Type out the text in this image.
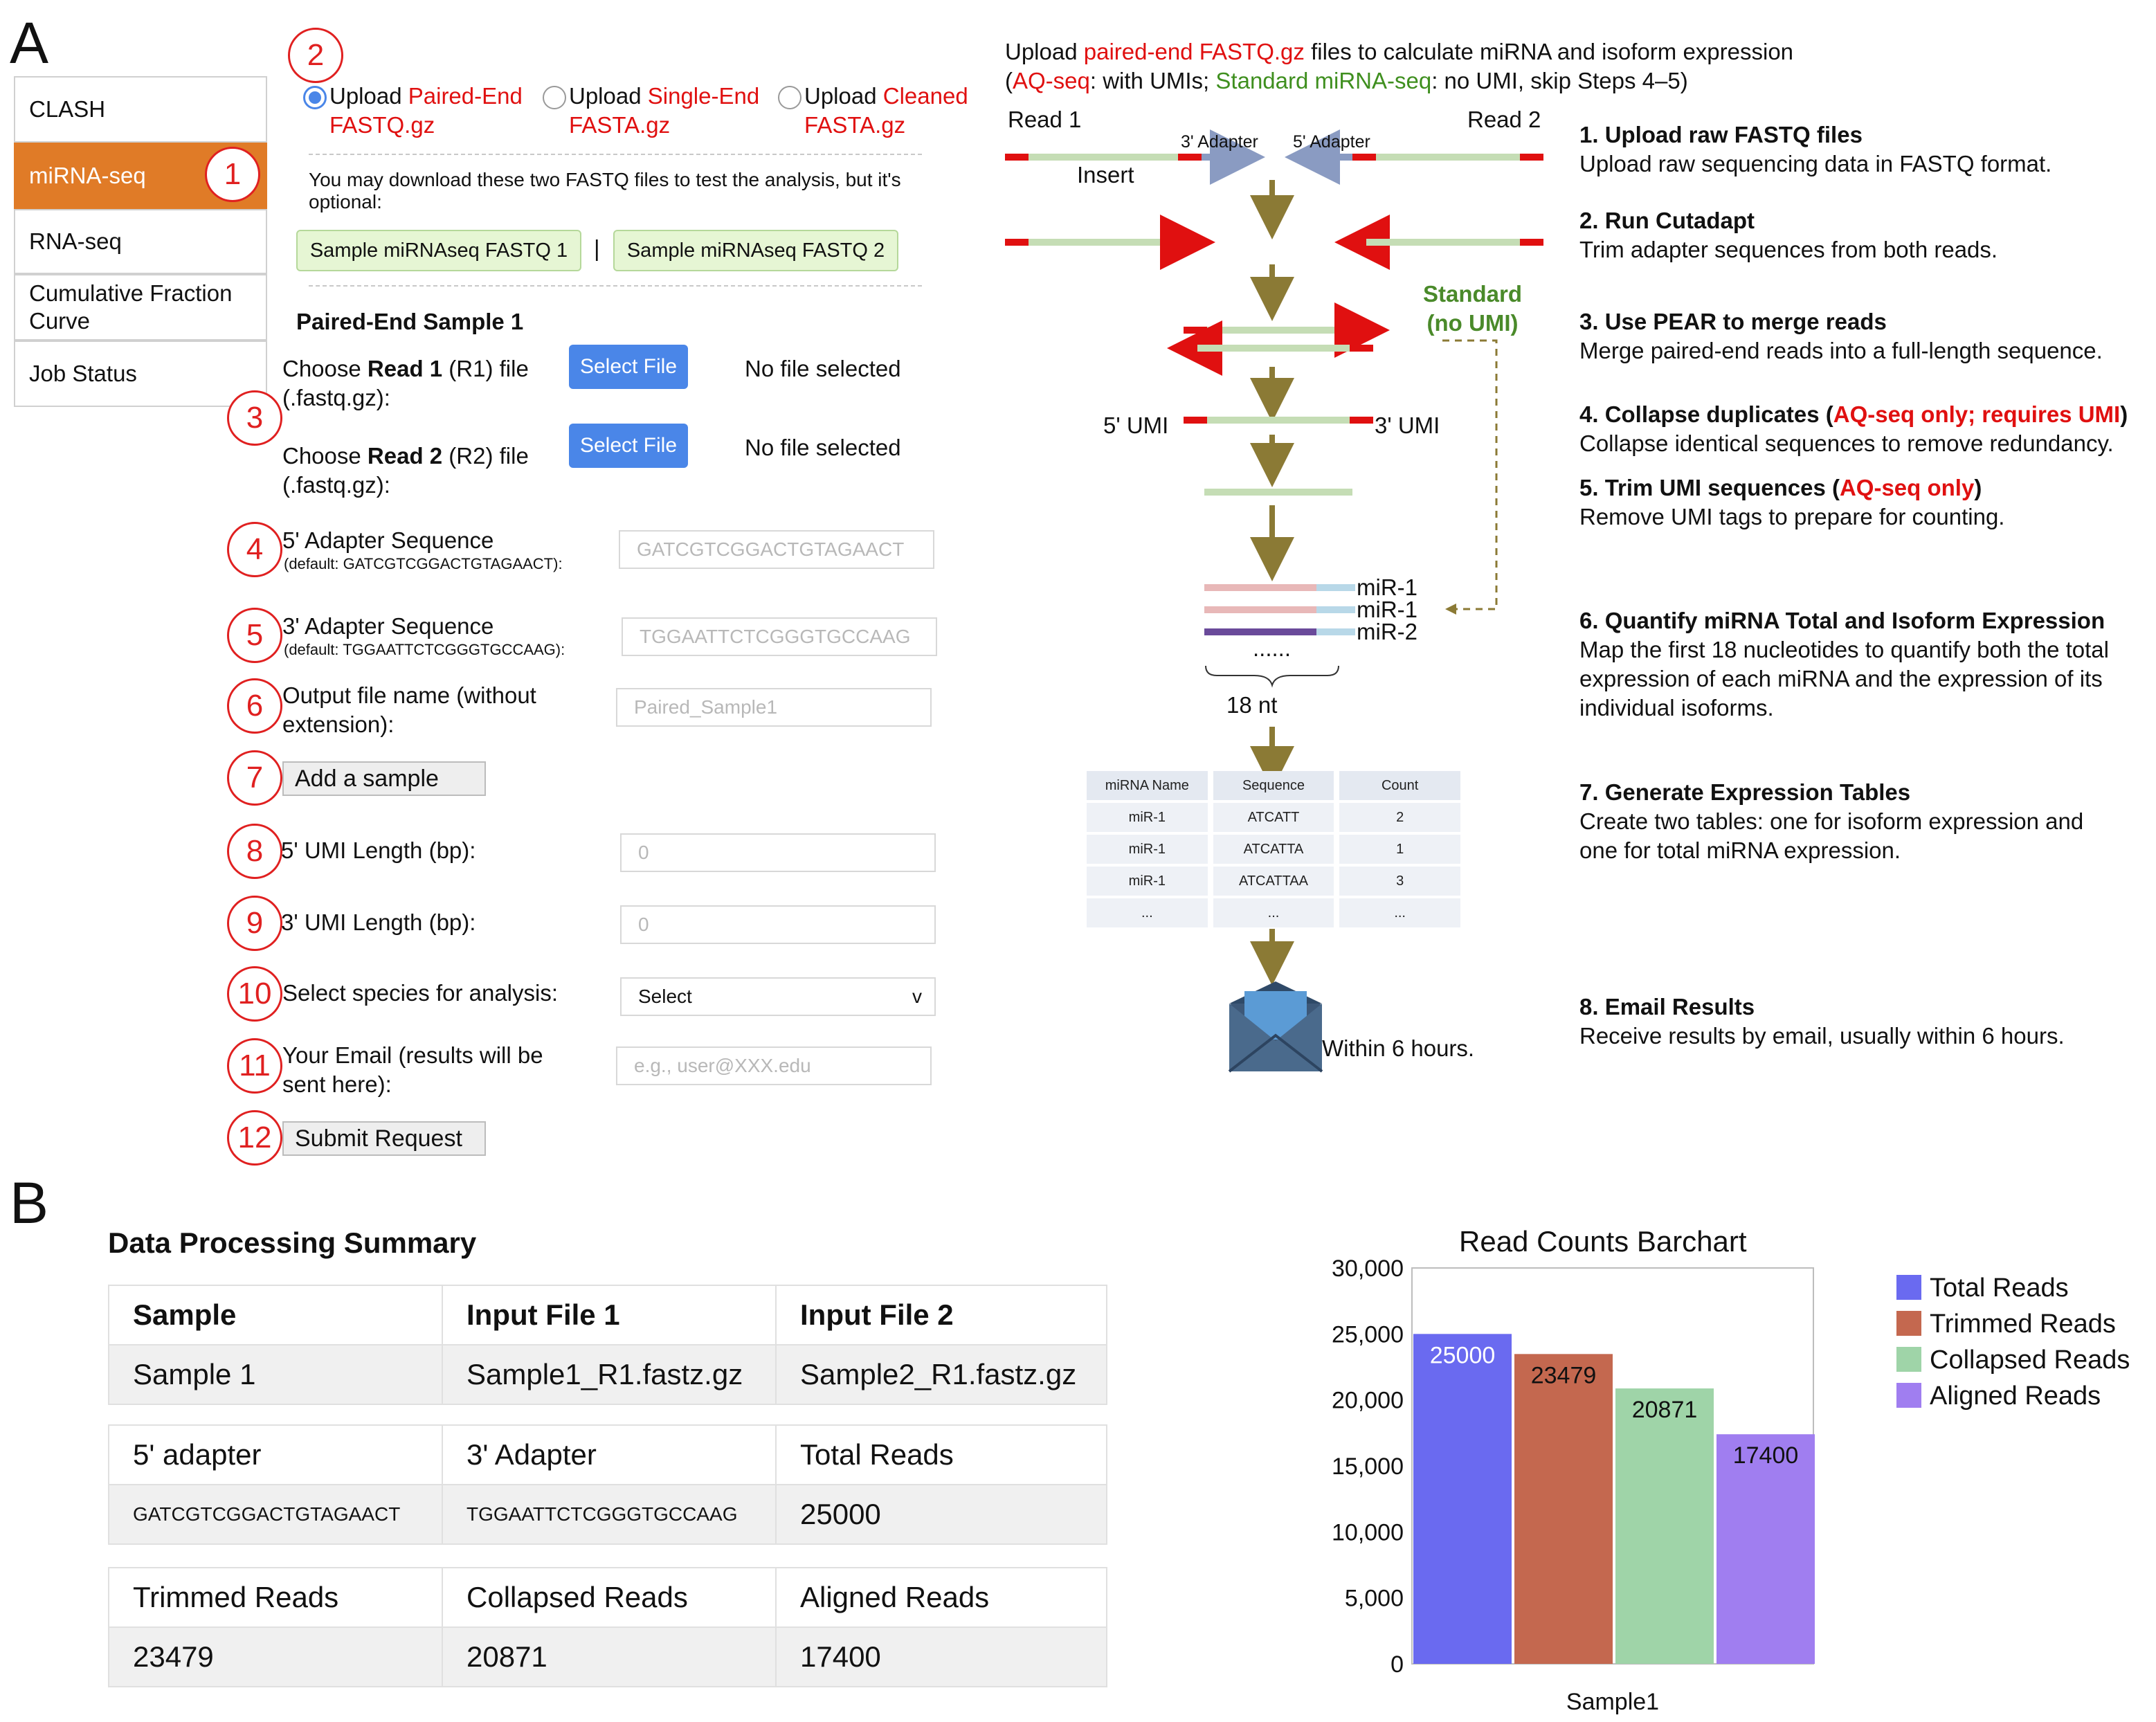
A
CLASH
miRNA-seq	1
RNA-seq
Cumulative Fraction Curve
Job Status
2
Upload Paired-End
FASTQ.gz
Upload Single-End
FASTA.gz
Upload Cleaned
FASTA.gz
You may download these two FASTQ files to test the analysis, but it's optional:
Sample miRNAseq FASTQ 1	|	Sample miRNAseq FASTQ 2
Paired-End Sample 1
Choose Read 1 (R1) file
(.fastq.gz):
Select File	No file selected
3
Choose Read 2 (R2) file
(.fastq.gz):
Select File	No file selected
4 5' Adapter Sequence
(default: GATCGTCGGACTGTAGAACT):
GATCGTCGGACTGTAGAACT
5 3' Adapter Sequence
(default: TGGAATTCTCGGGTGCCAAG):
TGGAATTCTCGGGTGCCAAG
6 Output file name (without
extension):
Paired_Sample1
7	Add a sample
8 5' UMI Length (bp):	0
9 3' UMI Length (bp):	0
10 Select species for analysis:	Select	v
11 Your Email (results will be
sent here):
e.g., user@XXX.edu
12 Submit Request
Upload paired-end FASTQ.gz files to calculate miRNA and isoform expression
(AQ-seq: with UMIs; Standard miRNA-seq: no UMI, skip Steps 4–5)
Read 1	Read 2
3' Adapter 5' Adapter
Insert
Standard
(no UMI)
5' UMI	3' UMI
miR-1
miR-1
miR-2
......
18 nt
miRNA Name	Sequence	Count
miR-1	ATCATT	2
miR-1	ATCATTA	1
miR-1	ATCATTAA	3
...	...	...
Within 6 hours.
1. Upload raw FASTQ files
Upload raw sequencing data in FASTQ format.
2. Run Cutadapt
Trim adapter sequences from both reads.
3. Use PEAR to merge reads
Merge paired-end reads into a full-length sequence.
4. Collapse duplicates (AQ-seq only; requires UMI)
Collapse identical sequences to remove redundancy.
5. Trim UMI sequences (AQ-seq only)
Remove UMI tags to prepare for counting.
6. Quantify miRNA Total and Isoform Expression
Map the first 18 nucleotides to quantify both the total
expression of each miRNA and the expression of its
individual isoforms.
7. Generate Expression Tables
Create two tables: one for isoform expression and
one for total miRNA expression.
8. Email Results
Receive results by email, usually within 6 hours.
B
Data Processing Summary
Sample	Input File 1	Input File 2
Sample 1	Sample1_R1.fastz.gz	Sample2_R1.fastz.gz
5' adapter	3' Adapter	Total Reads
GATCGTCGGACTGTAGAACT	TGGAATTCTCGGGTGCCAAG	25000
Trimmed Reads	Collapsed Reads	Aligned Reads
23479	20871	17400
Read Counts Barchart
0
5,000
10,000
15,000
20,000
25,000
30,000
25000
23479
20871
17400
Sample1
Total Reads
Trimmed Reads
Collapsed Reads
Aligned Reads
